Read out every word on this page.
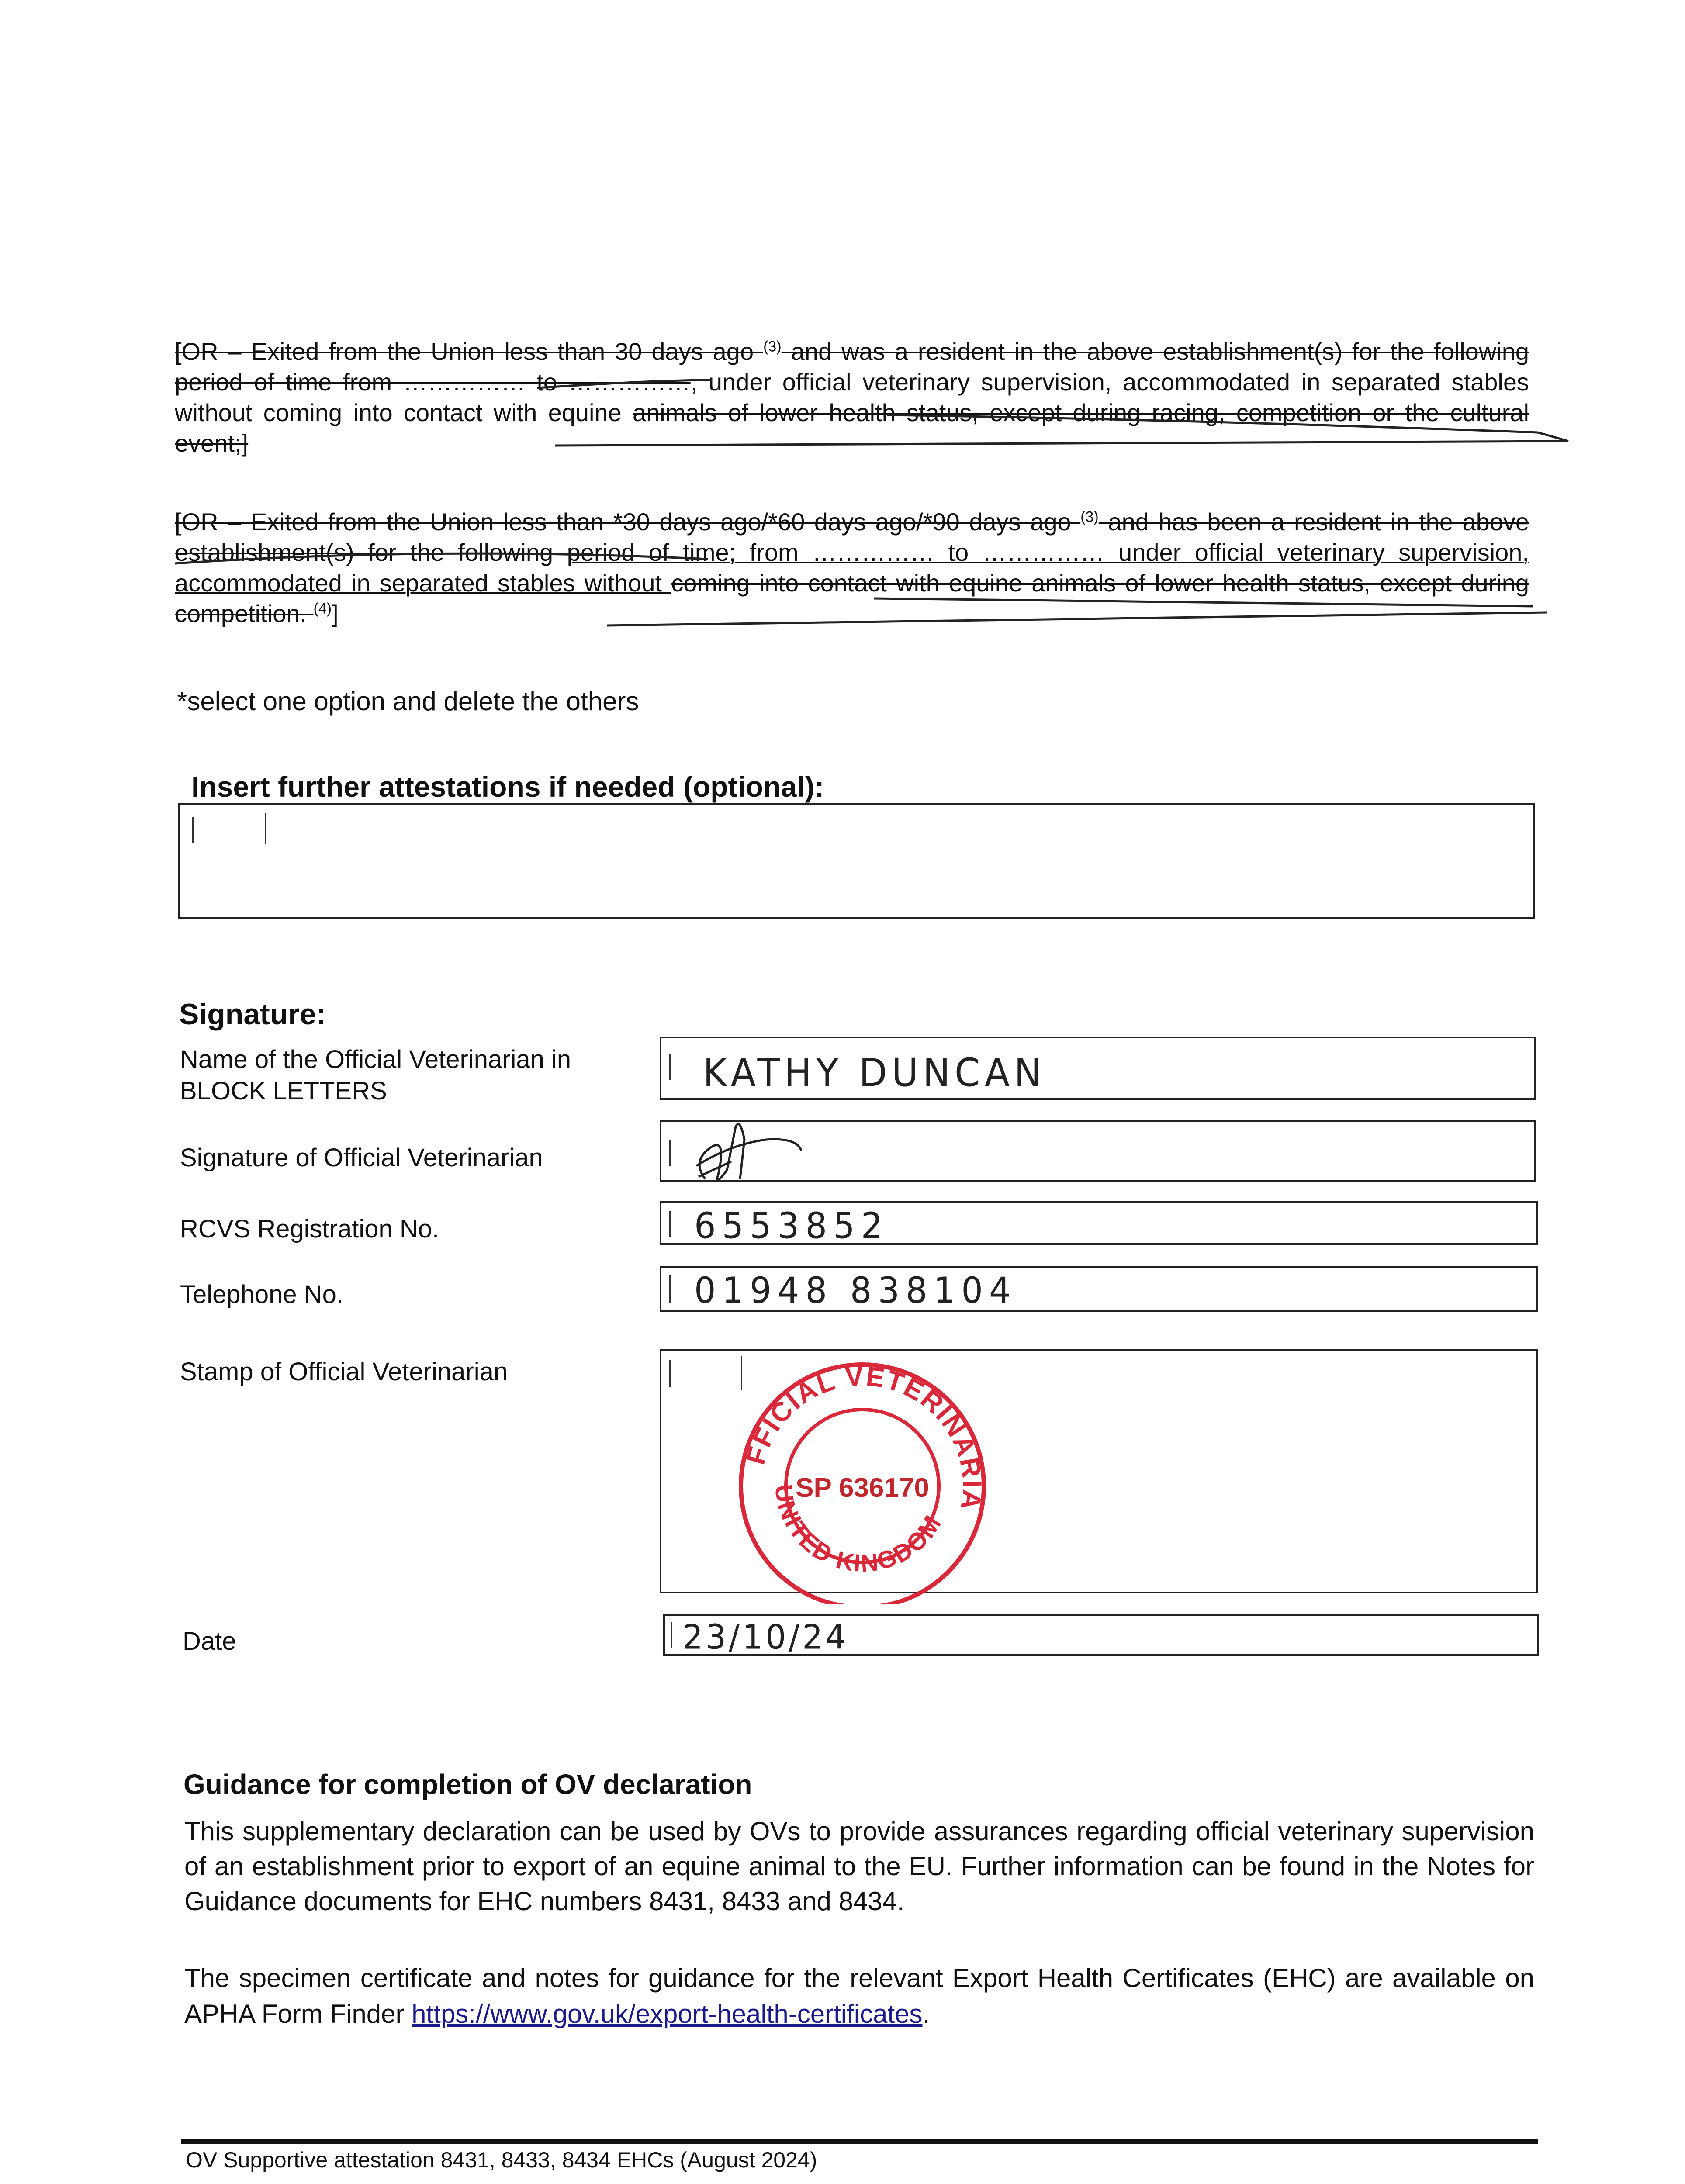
[OR – Exited from the Union less than 30 days ago $^{(3)}$ and was a resident in the above establishment(s) for the following period of time from …………… to ……………, under official veterinary supervision, accommodated in separated stables without coming into contact with equine animals of lower health status, except during racing, competition or the cultural event;]

[OR – Exited from the Union less than *30 days ago/*60 days ago/*90 days ago $^{(3)}$ and has been a resident in the above establishment(s) for the following period of time; from …………… to …………… under official veterinary supervision, accommodated in separated stables without coming into contact with equine animals of lower health status, except during competition. $^{(4)}$]

*select one option and delete the others
Insert further attestations if needed (optional):
Signature:
Name of the Official Veterinarian in BLOCK LETTERS	KATHY DUNCAN
Signature of Official Veterinarian
RCVS Registration No.	6553852
Telephone No.	01948 838104
Stamp of Official Veterinarian
OFFICIAL VETERINARIAN
UNITED KINGDOM
SP 636170
Date	23/10/24
Guidance for completion of OV declaration

This supplementary declaration can be used by OVs to provide assurances regarding official veterinary supervision of an establishment prior to export of an equine animal to the EU. Further information can be found in the Notes for Guidance documents for EHC numbers 8431, 8433 and 8434.

The specimen certificate and notes for guidance for the relevant Export Health Certificates (EHC) are available on APHA Form Finder https://www.gov.uk/export-health-certificates.

OV Supportive attestation 8431, 8433, 8434 EHCs (August 2024)
